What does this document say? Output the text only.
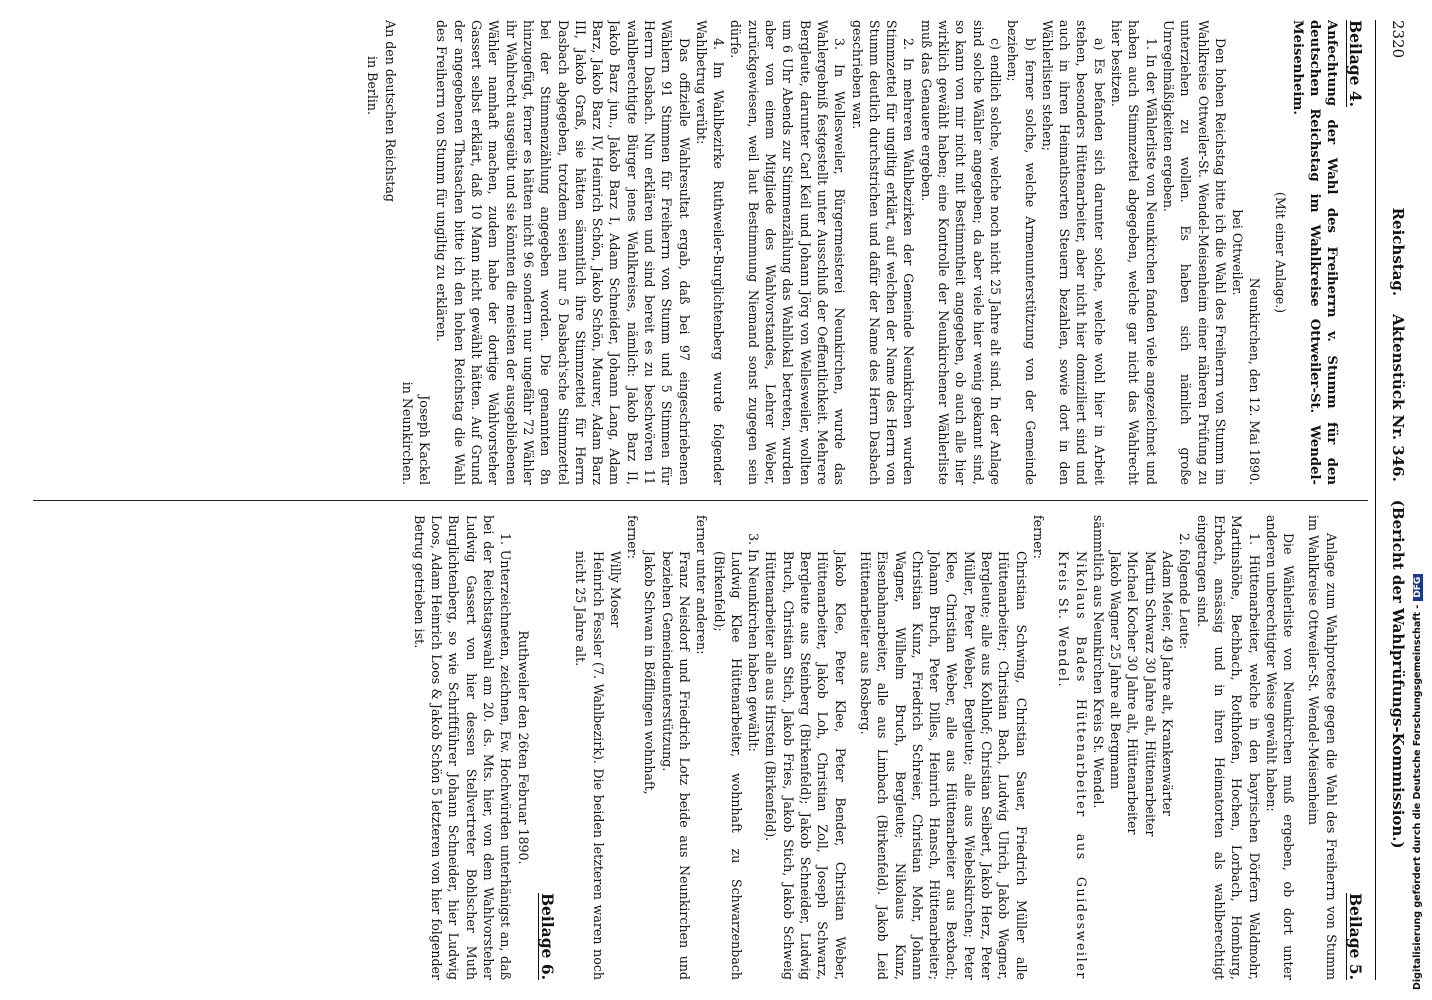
2320
Reichstag.
Aktenstück Nr. 346.
(Bericht der Wahlprüfungs-Kommission.)
Beilage 4.

Anfechtung der Wahl des Freiherrn v. Stumm für den deutschen Reichstag im Wahlkreise Ottweiler-St. Wendel-Meisenheim.

(Mit einer Anlage.)

Neunkirchen, den 12. Mai 1890.

bei Ottweiler.

Den hohen Reichstag bitte ich die Wahl des Freiherrn von Stumm im Wahlkreise Ottweiler-St. Wendel-Meisenheim einer näheren Prüfung zu unterziehen zu wollen. Es haben sich nämlich große Unregelmäßigkeiten ergeben.

1. In der Wählerliste von Neunkirchen fanden viele angezeichnet und haben auch Stimmzettel abgegeben, welche gar nicht das Wahlrecht hier besitzen.

a) Es befanden sich darunter solche, welche wohl hier in Arbeit stehen, besonders Hüttenarbeiter, aber nicht hier domiziliert sind und auch in ihren Heimathsorten Steuern bezahlen, sowie dort in den Wählerlisten stehen;

b) ferner solche, welche Armenunterstützung von der Gemeinde beziehen;

c) endlich solche, welche noch nicht 25 Jahre alt sind. In der Anlage sind solche Wähler angegeben; da aber viele hier wenig gekannt sind, so kann von mir nicht mit Bestimmtheit angegeben, ob auch alle hier wirklich gewählt haben; eine Kontrolle der Neunkirchener Wählerliste muß das Genauere ergeben.

2. In mehreren Wahlbezirken der Gemeinde Neunkirchen wurden Stimmzettel für ungiltig erklärt, auf welchen der Name des Herrn von Stumm deutlich durchstrichen und dafür der Name des Herrn Dasbach geschrieben war.

3. In Wellesweiler, Bürgermeisterei Neunkirchen, wurde das Wahlergebniß festgestellt unter Ausschluß der Oeffentlichkeit. Mehrere Bergleute, darunter Carl Keil und Johann Jörg von Wellesweiler, wollten um 6 Uhr Abends zur Stimmenzählung das Wahllokal betreten, wurden aber von einem Mitgliede des Wahlvorstandes, Lehrer Weber, zurückgewiesen, weil laut Bestimmung Niemand sonst zugegen sein dürfe.

4. Im Wahlbezirke Ruthweiler-Burglichtenberg wurde folgender Wahlbetrug verübt:

Das offizielle Wahlresultat ergab, daß bei 97 eingeschriebenen Wählern 91 Stimmen für Freiherrn von Stumm und 5 Stimmen für Herrn Dasbach. Nun erklären und sind bereit es zu beschwören 11 wahlberechtigte Bürger jenes Wahlkreises, nämlich: Jakob Barz II, Jakob Barz jun., Jakob Barz I, Adam Schneider, Johann Lang, Adam Barz, Jakob Barz IV, Heinrich Schön, Jakob Schön, Maurer, Adam Barz III, Jakob Graß, sie hätten sämmtlich ihre Stimmzettel für Herrn Dasbach abgegeben, trotzdem seien nur 5 Dasbach'sche Stimmzettel bei der Stimmenzählung angegeben worden. Die genannten 8n hinzugefügt, ferner es hätten nicht 96 sondern nur ungefähr 72 Wähler ihr Wahlrecht ausgeübt und sie könnten die meisten der ausgebliebenen Wähler namhaft machen, zudem habe der dortige Wahlvorsteher Gassert selbst erklärt, daß 10 Mann nicht gewählt hätten. Auf Grund der angegebenen Thatsachen bitte ich den hohen Reichstag die Wahl des Freiherrn von Stumm für ungiltig zu erklären.

Joseph Kackel

in Neunkirchen.

An den deutschen Reichstag

in Berlin.

Beilage 5.

Anlage zum Wahlproteste gegen die Wahl des Freiherrn von Stumm im Wahlkreise Ottweiler-St. Wendel-Meisenheim

Die Wählerliste von Neunkirchen muß ergeben, ob dort unter anderen unberechtigter Weise gewählt haben:

1. Hüttenarbeiter, welche in den bayrischen Dörfern Waldmohr, Martinshöhe, Bechbach, Rothhofen, Hochen, Lorbach, Homburg, Erbach, ansässig und in ihren Heimatorten als wahlberechtigt eingetragen sind.

2. folgende Leute:

Adam Meier, 49 Jahre alt, Krankenwärter

Martin Schwarz 30 Jahre alt, Hüttenarbeiter

Michael Kocher 30 Jahre alt, Hüttenarbeiter

Jakob Wagner 25 Jahre alt Bergmann

sämmtlich aus Neunkirchen Kreis St. Wendel.

Nikolaus Bades Hüttenarbeiter aus Guidesweiler Kreis St. Wendel.

ferner:

Christian Schwing, Christian Sauer, Friedrich Müller alle Hüttenarbeiter; Christian Bach, Ludwig Ulrich, Jakob Wagner, Bergleute; alle aus Kohlhof; Christian Seibert, Jakob Herz, Peter Müller, Peter Weber, Bergleute; alle aus Wiebelskirchen; Peter Klee, Christian Weber, alle aus Hüttenarbeiter aus Bexbach; Johann Bruch, Peter Dilles, Heinrich Hansch, Hüttenarbeiter; Christian Kunz, Friedrich Schreier, Christian Mohr, Johann Wagner, Wilhelm Bruch, Bergleute; Nikolaus Kunz, Eisenbahnarbeiter, alle aus Limbach (Birkenfeld). Jakob Leid Hüttenarbeiter aus Rosberg.

Jakob Klee, Peter Klee, Peter Bender, Christian Weber, Hüttenarbeiter, Jakob Loh, Christian Zoll, Joseph Schwarz, Bergleute aus Steinberg (Birkenfeld); Jakob Schneider, Ludwig Bruch, Christian Stich, Jakob Fries, Jakob Stich, Jakob Schweig Hüttenarbeiter alle aus Hirstein (Birkenfeld).

3. In Neunkirchen haben gewählt:

Ludwig Klee Hüttenarbeiter, wohnhaft zu Schwarzenbach (Birkenfeld);

ferner unter anderen:

Franz Neisdorf und Friedrich Lotz beide aus Neunkirchen und beziehen Gemeindeunterstützung.

Jakob Schwan in Böfflingen wohnhaft,

ferner:

Willy Moser

Heinrich Fessler (7. Wahlbezirk). Die beiden letzteren waren noch nicht 25 Jahre alt.

Beilage 6.

Ruthweiler den 26ten Februar 1890.

1. Unterzeichneten, zeichnen, Ew. Hochwürden unterhänigst an, daß bei der Reichstagswahl am 20. ds. Mts. hier, von dem Wahlvorsteher Ludwig Gassert von hier dessen Stellvertreter Bohlscher Muth Burglichtenberg, so wie Schriftführer Johann Schneider, hier Ludwig Loos, Adam Heinrich Loos & Jakob Schön 5 letzteren von hier folgender Betrug getrieben ist.

Digitalisierung gefördert durch die Deutsche Forschungsgemeinschaft -DFG
